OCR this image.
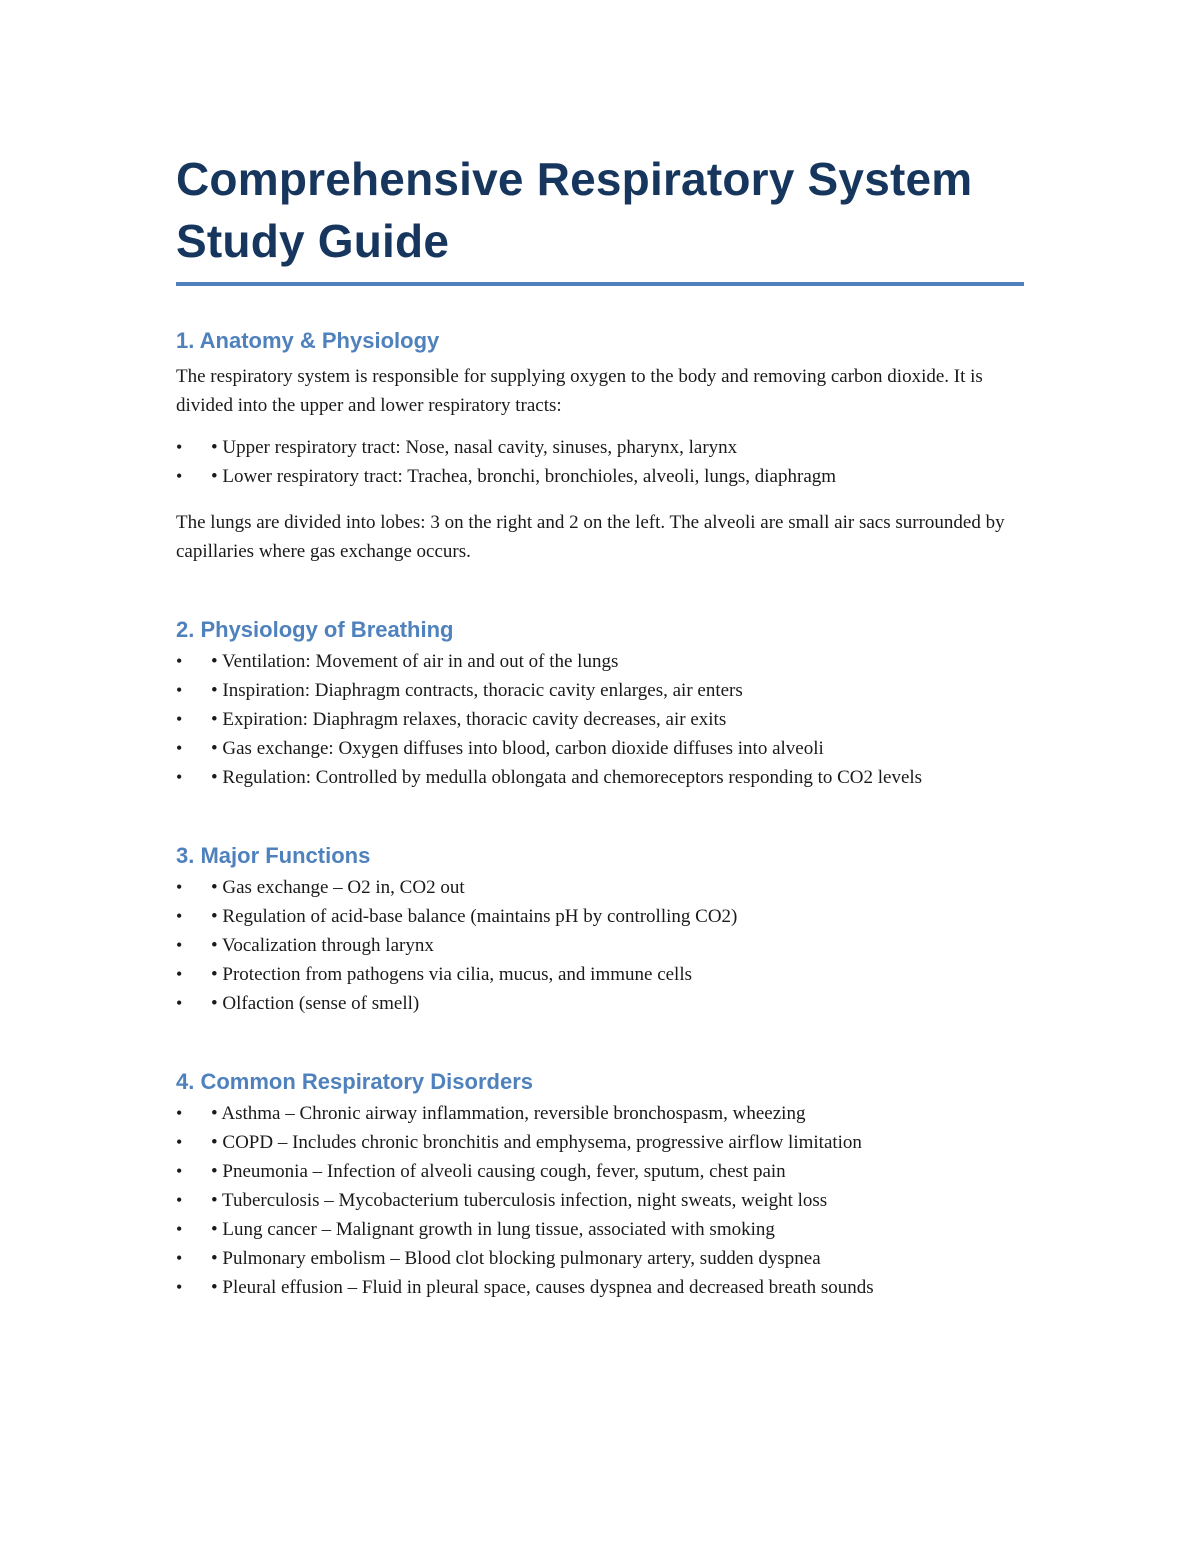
Comprehensive Respiratory System Study Guide
1. Anatomy & Physiology

The respiratory system is responsible for supplying oxygen to the body and removing carbon dioxide. It is divided into the upper and lower respiratory tracts:

• • Upper respiratory tract: Nose, nasal cavity, sinuses, pharynx, larynx
• • Lower respiratory tract: Trachea, bronchi, bronchioles, alveoli, lungs, diaphragm

The lungs are divided into lobes: 3 on the right and 2 on the left. The alveoli are small air sacs surrounded by capillaries where gas exchange occurs.

2. Physiology of Breathing
• • Ventilation: Movement of air in and out of the lungs
• • Inspiration: Diaphragm contracts, thoracic cavity enlarges, air enters
• • Expiration: Diaphragm relaxes, thoracic cavity decreases, air exits
• • Gas exchange: Oxygen diffuses into blood, carbon dioxide diffuses into alveoli
• • Regulation: Controlled by medulla oblongata and chemoreceptors responding to CO2 levels
3. Major Functions
• • Gas exchange – O2 in, CO2 out
• • Regulation of acid-base balance (maintains pH by controlling CO2)
• • Vocalization through larynx
• • Protection from pathogens via cilia, mucus, and immune cells
• • Olfaction (sense of smell)
4. Common Respiratory Disorders
• • Asthma – Chronic airway inflammation, reversible bronchospasm, wheezing
• • COPD – Includes chronic bronchitis and emphysema, progressive airflow limitation
• • Pneumonia – Infection of alveoli causing cough, fever, sputum, chest pain
• • Tuberculosis – Mycobacterium tuberculosis infection, night sweats, weight loss
• • Lung cancer – Malignant growth in lung tissue, associated with smoking
• • Pulmonary embolism – Blood clot blocking pulmonary artery, sudden dyspnea
• • Pleural effusion – Fluid in pleural space, causes dyspnea and decreased breath sounds
